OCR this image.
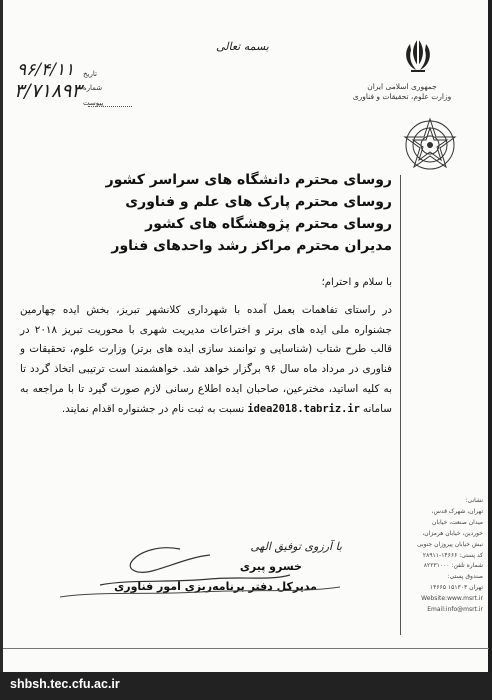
جمهوری اسلامی ایران
وزارت علوم، تحقیقات و فناوری
بسمه تعالی
۹۶/۴/۱۱
۳/۷۱۸۹۳
تاریخ
شماره
پیوست
روسای محترم دانشگاه های سراسر کشور
روسای محترم پارک های علم و فناوری
روسای محترم پژوهشگاه های کشور
مدیران محترم مراکز رشد واحدهای فناور
با سلام و احترام؛
در راستای تفاهمات بعمل آمده با شهرداری کلانشهر تبریز، بخش ایده چهارمین جشنواره ملی ایده های برتر و اختراعات مدیریت شهری با محوریت تبریز ۲۰۱۸ در قالب طرح شتاب (شناسایی و توانمند سازی ایده های برتر) وزارت علوم، تحقیقات و فناوری در مرداد ماه سال ۹۶ برگزار خواهد شد. خواهشمند است ترتیبی اتخاذ گردد تا به کلیه اساتید، مخترعین، صاحبان ایده اطلاع رسانی لازم صورت گیرد تا با مراجعه به سامانهidea2018.tabriz.irنسبت به ثبت نام در جشنواره اقدام نمایند.
با آرزوی توفیق الهی
خسرو پیری
مدیرکل دفتر برنامه‌ریزی امور فناوری
نشانی:
تهران، شهرک قدس،
میدان صنعت، خیابان
خوردین، خیابان هرمزان،
نبش خیابان پیروزان جنوبی
کد پستی: ۱۴۶۶۶-۲۸۹۱۱
شماره تلفن: ۸۲۲۳۱۰۰۰
صندوق پستی:
تهران ۱۵۱۳۰۳ ۱۴۶۶۵
Website:www.msrt.ir
Email:info@msrt.ir
shbsh.tec.cfu.ac.ir
